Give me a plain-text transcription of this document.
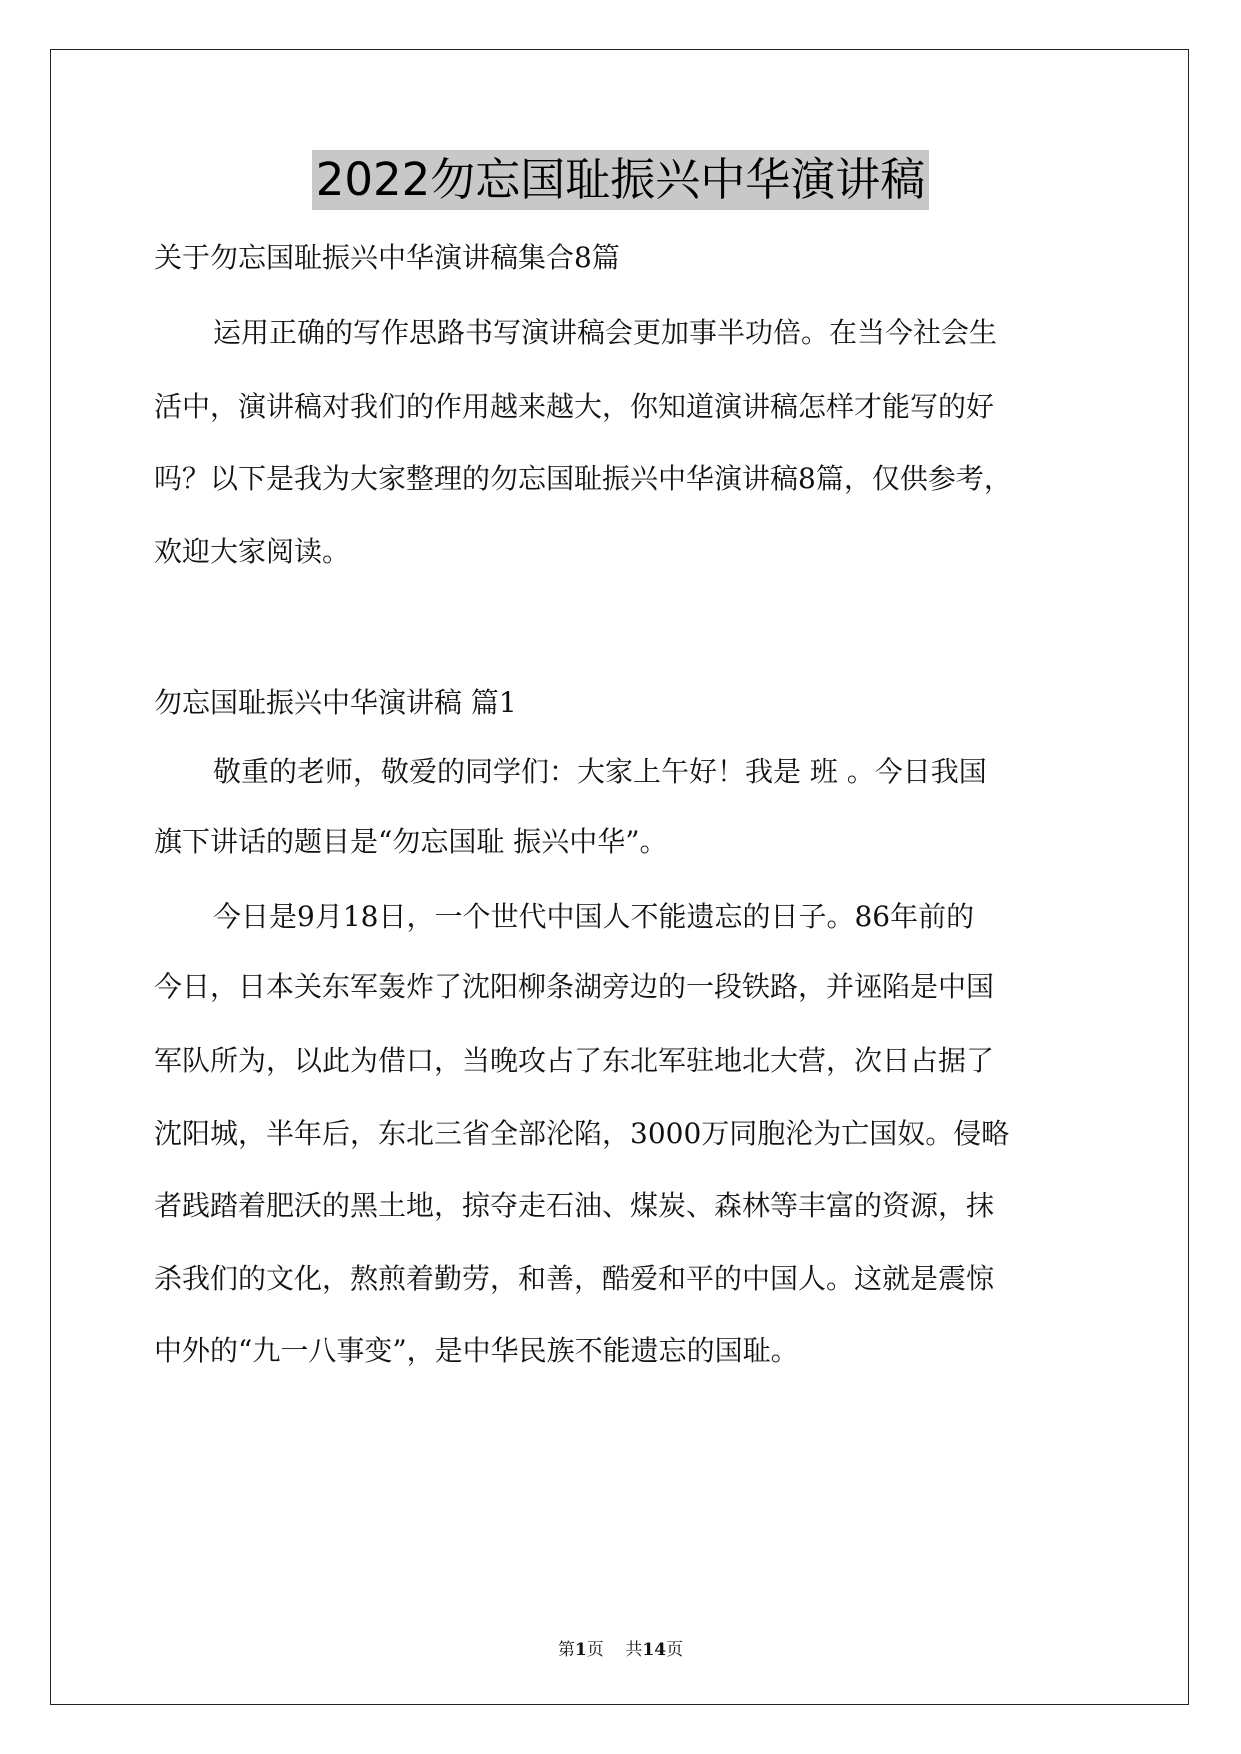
2022勿忘国耻振兴中华演讲稿
关于勿忘国耻振兴中华演讲稿集合8篇
运用正确的写作思路书写演讲稿会更加事半功倍。在当今社会生
活中，演讲稿对我们的作用越来越大，你知道演讲稿怎样才能写的好
吗？以下是我为大家整理的勿忘国耻振兴中华演讲稿8篇，仅供参考，
欢迎大家阅读。
勿忘国耻振兴中华演讲稿 篇1
敬重的老师，敬爱的同学们：大家上午好！我是 班 。今日我国
旗下讲话的题目是“勿忘国耻 振兴中华”。
今日是9月18日，一个世代中国人不能遗忘的日子。86年前的
今日，日本关东军轰炸了沈阳柳条湖旁边的一段铁路，并诬陷是中国
军队所为，以此为借口，当晚攻占了东北军驻地北大营，次日占据了
沈阳城，半年后，东北三省全部沦陷，3000万同胞沦为亡国奴。侵略
者践踏着肥沃的黑土地，掠夺走石油、煤炭、森林等丰富的资源，抹
杀我们的文化，熬煎着勤劳，和善，酷爱和平的中国人。这就是震惊
中外的“九一八事变”，是中华民族不能遗忘的国耻。
第1页    共14页
